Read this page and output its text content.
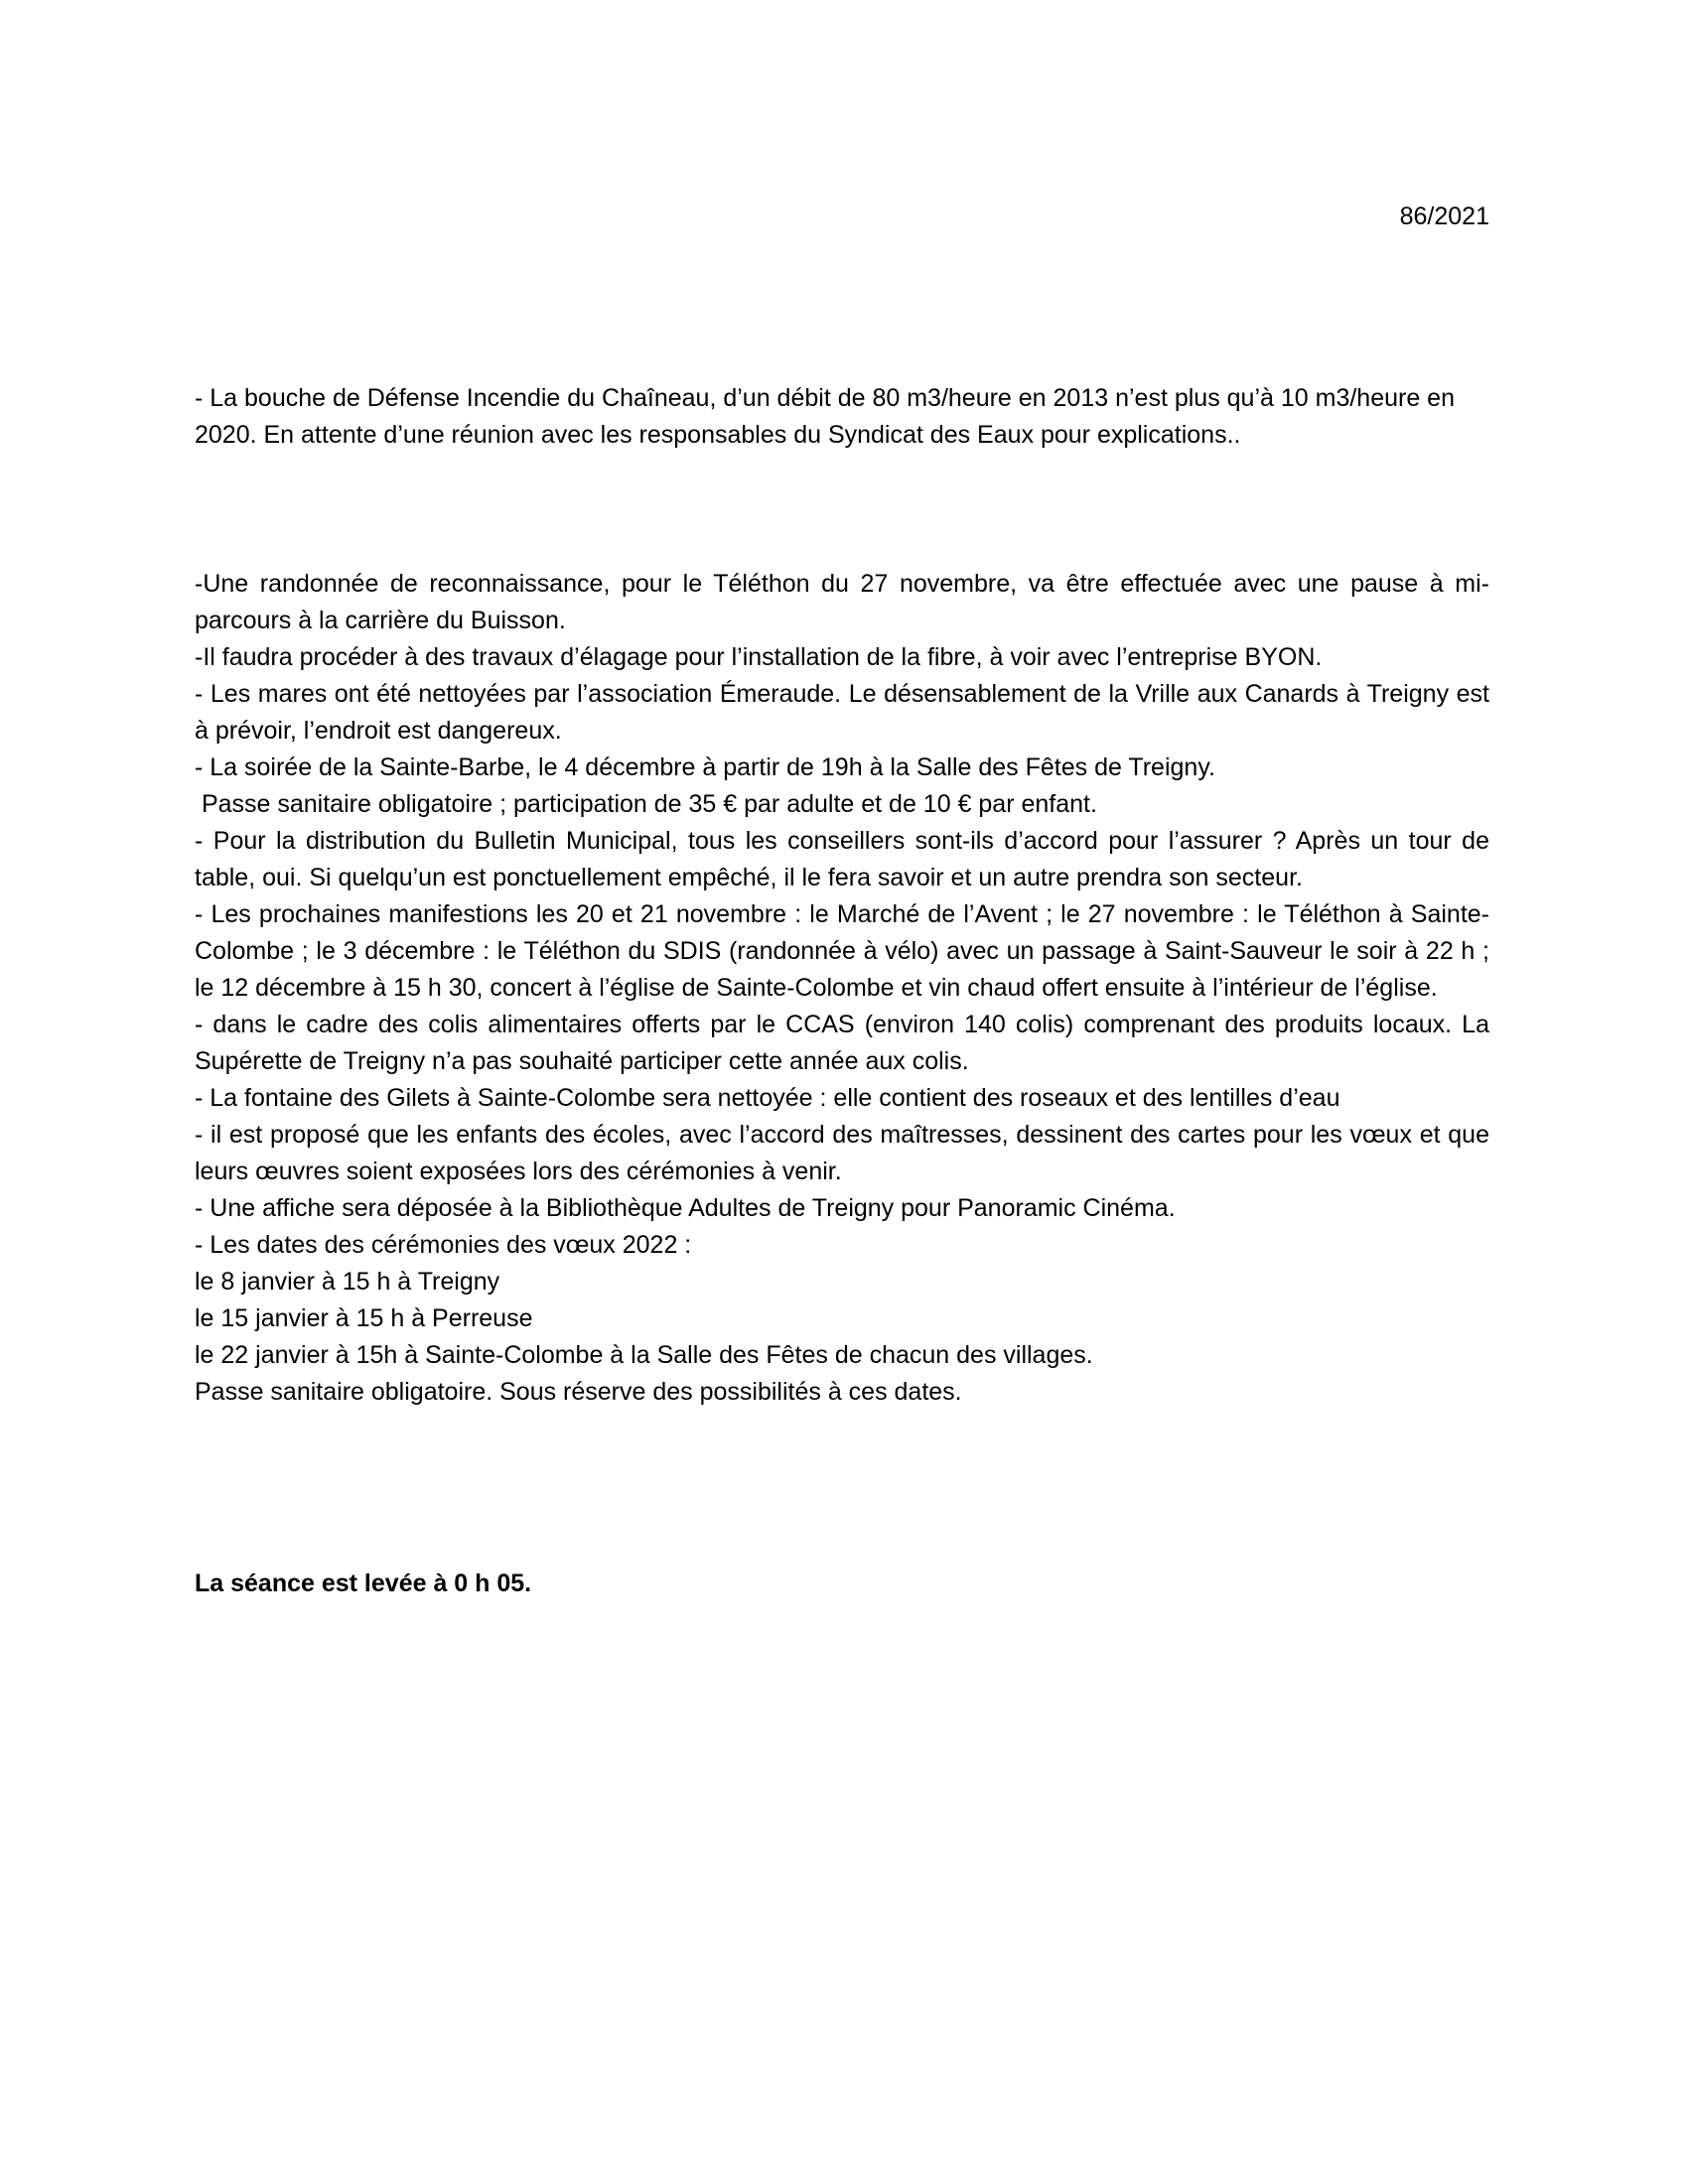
86/2021

- La bouche de Défense Incendie du Chaîneau, d’un débit de 80 m3/heure en 2013 n’est plus qu’à 10 m3/heure en 2020. En attente d’une réunion avec les responsables du Syndicat des Eaux pour explications..

-Une randonnée de reconnaissance, pour le Téléthon du 27 novembre, va être effectuée avec une pause à mi-parcours à la carrière du Buisson.

-Il faudra procéder à des travaux d’élagage pour l’installation de la fibre, à voir avec l’entreprise BYON.

- Les mares ont été nettoyées par l’association Émeraude. Le désensablement de la Vrille aux Canards à Treigny est à prévoir, l’endroit est dangereux.

- La soirée de la Sainte-Barbe, le 4 décembre à partir de 19h à la Salle des Fêtes de Treigny.

Passe sanitaire obligatoire ; participation de 35 € par adulte et de 10 € par enfant.

- Pour la distribution du Bulletin Municipal, tous les conseillers sont-ils d’accord pour l’assurer ? Après un tour de table, oui. Si quelqu’un est ponctuellement empêché, il le fera savoir et un autre prendra son secteur.

- Les prochaines manifestions les 20 et 21 novembre : le Marché de l’Avent ; le 27 novembre : le Téléthon à Sainte-Colombe ; le 3 décembre : le Téléthon du SDIS (randonnée à vélo) avec un passage à Saint-Sauveur le soir à 22 h ; le 12 décembre à 15 h 30, concert à l’église de Sainte-Colombe et vin chaud offert ensuite à l’intérieur de l’église.

- dans le cadre des colis alimentaires offerts par le CCAS (environ 140 colis) comprenant des produits locaux. La Supérette de Treigny n’a pas souhaité participer cette année aux colis.

- La fontaine des Gilets à Sainte-Colombe sera nettoyée : elle contient des roseaux et des lentilles d’eau

- il est proposé que les enfants des écoles, avec l’accord des maîtresses, dessinent des cartes pour les vœux et que leurs œuvres soient exposées lors des cérémonies à venir.

- Une affiche sera déposée à la Bibliothèque Adultes de Treigny pour Panoramic Cinéma.

- Les dates des cérémonies des vœux 2022 :

le 8 janvier à 15 h à Treigny

le 15 janvier à 15 h à Perreuse

le 22 janvier à 15h à Sainte-Colombe à la Salle des Fêtes de chacun des villages.

Passe sanitaire obligatoire. Sous réserve des possibilités à ces dates.

La séance est levée à 0 h 05.
